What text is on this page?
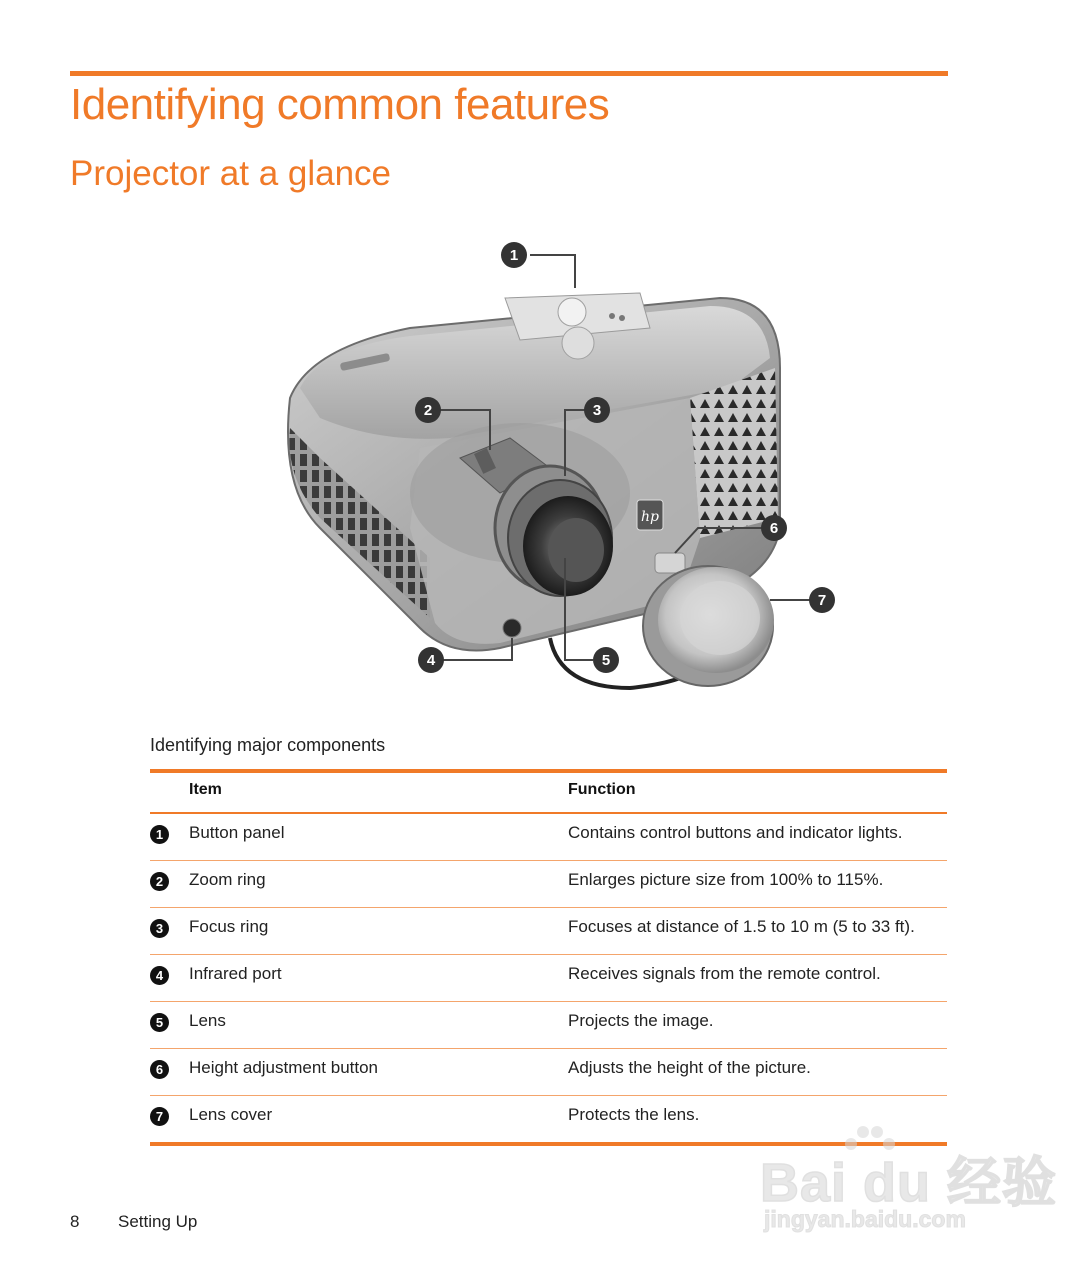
Identifying common features
Projector at a glance
hp
1
2	3
4	5
6
7
Identifying major components
Item	Function
1	Button panel	Contains control buttons and indicator lights.
2	Zoom ring	Enlarges picture size from 100% to 115%.
3	Focus ring	Focuses at distance of 1.5 to 10 m (5 to 33 ft).
4	Infrared port	Receives signals from the remote control.
5	Lens	Projects the image.
6	Height adjustment button	Adjusts the height of the picture.
7	Lens cover	Protects the lens.
Bai du 经验
jingyan.baidu.com
8 Setting Up
